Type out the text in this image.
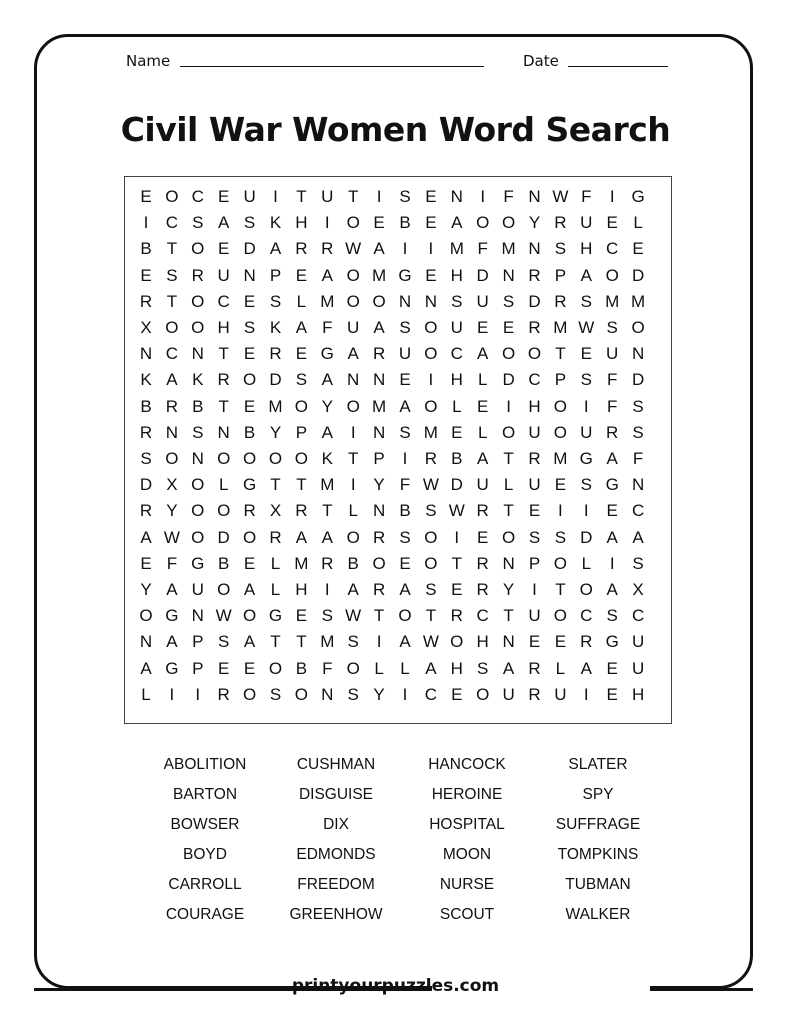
Name	Date
Civil War Women Word Search
E O C E U	I	T U T	I	S E N	I	F N W F	I G
I	C S A S K H	I O E B E A O O Y R U E L
B T O E D A R R W A	I	I M F M N S H C E
E S R U N P E A O M G E H D N R P A O D
R T O C E S L M O O N N S U S D R S M M
X O O H S K A F U A S O U E E R M W S O
N C N T E R E G A R U O C A O O T E U N
K A K R O D S A N N E	I	H L D C P S F D
B R B T E M O Y O M A O L E	I	H O I	F S
R N S N B Y P A	I	N S M E L O U O U R S
S O N O O O O K T P	I	R B A T R M G A F
D X O L G T T M I	Y F W D U L U E S G N
R Y O O R X R T L N B S W R T E	I	I	E C
A W O D O R A A O R S O I	E O S S D A A
E F G B E L M R B O E O T R N P O L	I	S
Y A U O A L H	I	A R A S E R Y	I	T O A X
O G N W O G E S W T O T R C T U O C S C
N A P S A T T M S	I	A W O H N E E R G U
A G P E E O B F O L L A H S A R L A E U
L	I	I	R O S O N S Y	I	C E O U R U	I	E H
ABOLITION	CUSHMAN	HANCOCK	SLATER
BARTON	DISGUISE	HEROINE	SPY
BOWSER	DIX	HOSPITAL	SUFFRAGE
BOYD	EDMONDS	MOON	TOMPKINS
CARROLL	FREEDOM	NURSE	TUBMAN
COURAGE	GREENHOW	SCOUT	WALKER
printyourpuzzles.com
